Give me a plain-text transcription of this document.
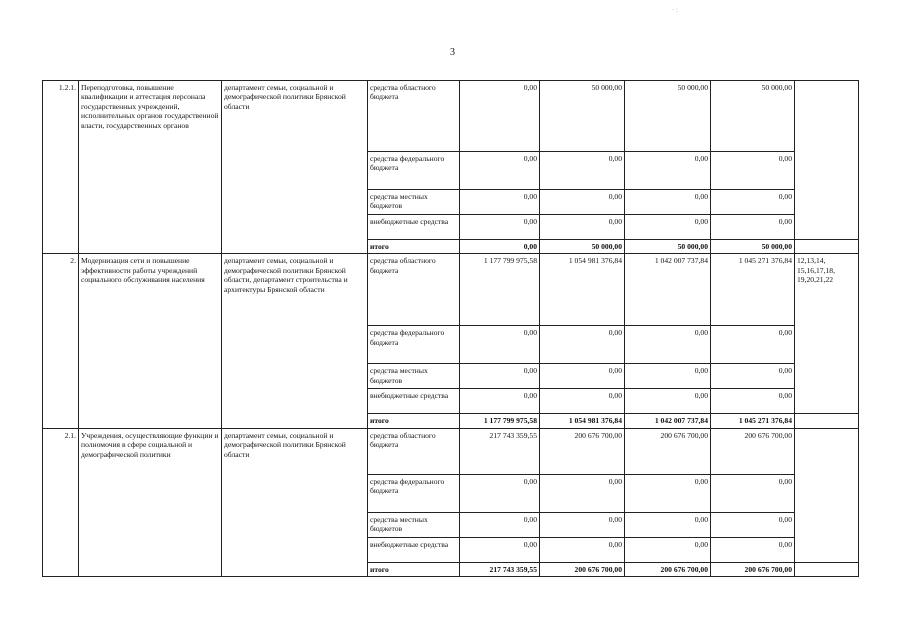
· :
3
1.2.1.	Переподготовка, повышение квалификации и аттестация персонала государственных учреждений, исполнительных органов государственной власти, государственных органов	департамент семьи, социальной и демографической политики Брянской области	средства областного бюджета	0,00	50 000,00	50 000,00	50 000,00	
			средства федерального бюджета	0,00	0,00	0,00	0,00	
			средства местных бюджетов	0,00	0,00	0,00	0,00	
			внебюджетные средства	0,00	0,00	0,00	0,00	
			итого	0,00	50 000,00	50 000,00	50 000,00	
2.	Модернизация сети и повышение эффективности работы учреждений социального обслуживания населения	департамент семьи, социальной и демографической политики Брянской области, департамент строительства и архитектуры Брянской области	средства областного бюджета	1 177 799 975,58	1 054 981 376,84	1 042 007 737,84	1 045 271 376,84	12,13,14, 15,16,17,18, 19,20,21,22
			средства федерального бюджета	0,00	0,00	0,00	0,00	
			средства местных бюджетов	0,00	0,00	0,00	0,00	
			внебюджетные средства	0,00	0,00	0,00	0,00	
			итого	1 177 799 975,58	1 054 981 376,84	1 042 007 737,84	1 045 271 376,84	
2.1.	Учреждения, осуществляющие функции и полномочия в сфере социальной и демографической политики	департамент семьи, социальной и демографической политики Брянской области	средства областного бюджета	217 743 359,55	200 676 700,00	200 676 700,00	200 676 700,00	
			средства федерального бюджета	0,00	0,00	0,00	0,00	
			средства местных бюджетов	0,00	0,00	0,00	0,00	
			внебюджетные средства	0,00	0,00	0,00	0,00	
			итого	217 743 359,55	200 676 700,00	200 676 700,00	200 676 700,00	
